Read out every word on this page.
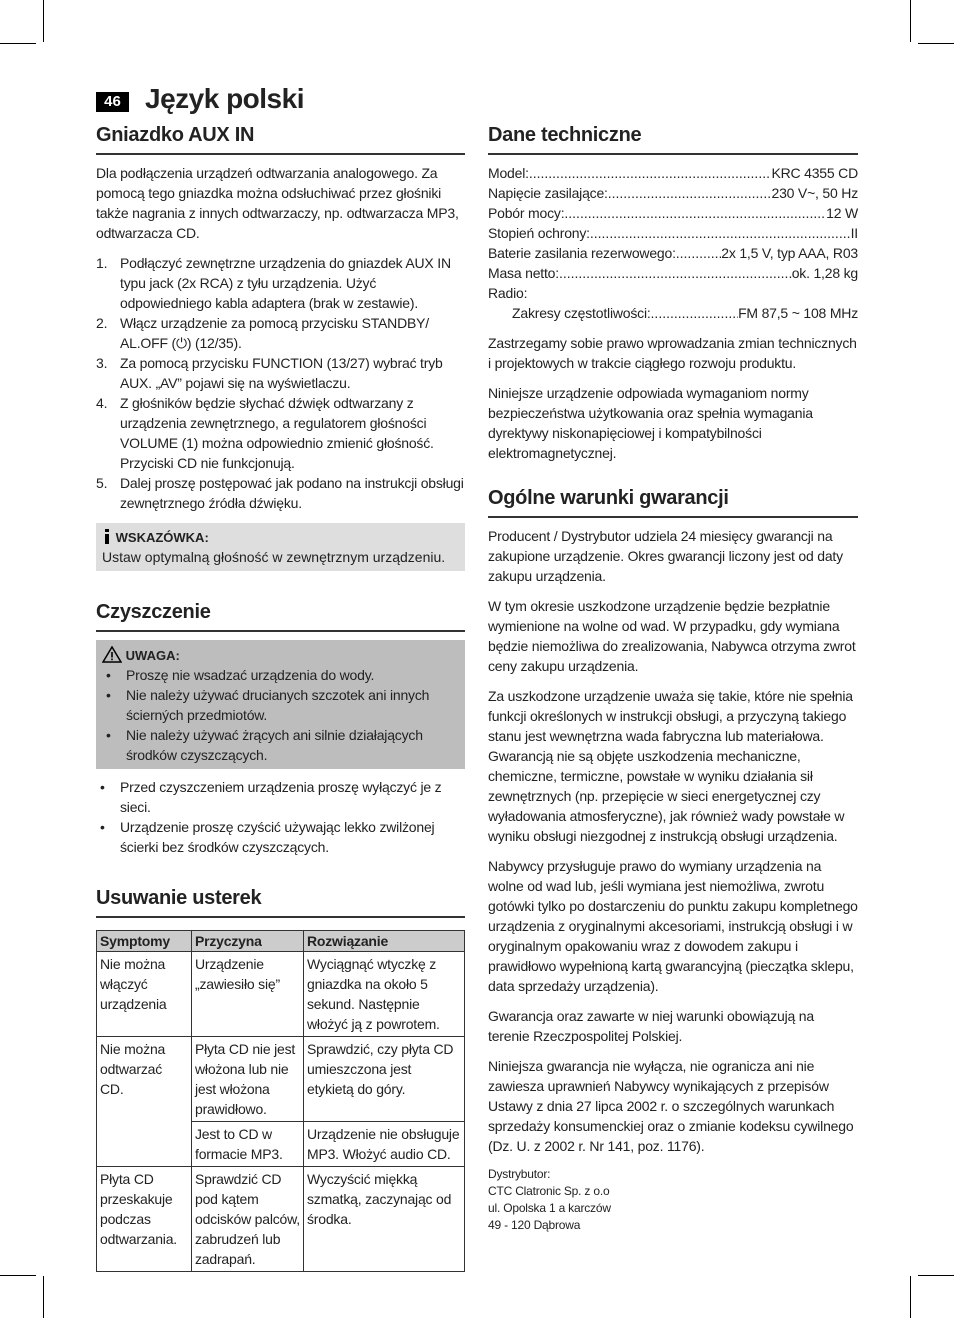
46 Język polski
Gniazdko AUX IN

Dla podłączenia urządzeń odtwarzania analogowego. Za pomocą tego gniazdka można odsłuchiwać przez głośniki także nagrania z innych odtwarzaczy, np. odtwarzacza MP3, odtwarzacza CD.

1. Podłączyć zewnętrzne urządzenia do gniazdek AUX IN typu jack (2x RCA) z tyłu urządzenia. Użyć odpowiedniego kabla adaptera (brak w zestawie).
2. Włącz urządzenie za pomocą przycisku STANDBY/ AL.OFF (⏻) (12/35).
3. Za pomocą przycisku FUNCTION (13/27) wybrać tryb AUX. „AV” pojawi się na wyświetlaczu.
4. Z głośników będzie słychać dźwięk odtwarzany z urządzenia zewnętrznego, a regulatorem głośności VOLUME (1) można odpowiednio zmienić głośność. Przyciski CD nie funkcjonują.
5. Dalej proszę postępować jak podano na instrukcji obsługi zewnętrznego źródła dźwięku.
WSKAZÓWKA:
Ustaw optymalną głośność w zewnętrznym urządzeniu.
Czyszczenie
UWAGA:
• Proszę nie wsadzać urządzenia do wody.
• Nie należy używać drucianych szczotek ani innych ścierných przedmiotów.
• Nie należy używać żrących ani silnie działających środków czyszczących.
• Przed czyszczeniem urządzenia proszę wyłączyć je z sieci.
• Urządzenie proszę czyścić używając lekko zwilżonej ścierki bez środków czyszczących.
Usuwanie usterek
Symptomy	Przyczyna	Rozwiązanie
Nie można włączyć urządzenia	Urządzenie „zawiesiło się”	Wyciągnąć wtyczkę z gniazdka na około 5 sekund. Następnie włożyć ją z powrotem.
Nie można odtwarzać CD.	Płyta CD nie jest włożona lub nie jest włożona prawidłowo.	Sprawdzić, czy płyta CD umieszczona jest etykietą do góry.
	Jest to CD w formacie MP3.	Urządzenie nie obsługuje MP3. Włożyć audio CD.
Płyta CD przeskakuje podczas odtwarzania.	Sprawdzić CD pod kątem odcisków palców, zabrudzeń lub zadrapań.	Wyczyścić miękką szmatką, zaczynając od środka.
Dane techniczne
Model: .....	KRC 4355 CD
Napięcie zasilające: .....	230 V~, 50 Hz
Pobór mocy: .....	12 W
Stopień ochrony: .....	II
Baterie zasilania rezerwowego: .....	2x 1,5 V, typ AAA, R03
Masa netto: .....	ok. 1,28 kg
Radio:
Zakresy częstotliwości: .....	FM 87,5 ~ 108 MHz

Zastrzegamy sobie prawo wprowadzania zmian technicznych i projektowych w trakcie ciągłego rozwoju produktu.

Niniejsze urządzenie odpowiada wymaganiom normy bezpieczeństwa użytkowania oraz spełnia wymagania dyrektywy niskonapięciowej i kompatybilności elektromagnetycznej.

Ogólne warunki gwarancji

Producent / Dystrybutor udziela 24 miesięcy gwarancji na zakupione urządzenie. Okres gwarancji liczony jest od daty zakupu urządzenia.

W tym okresie uszkodzone urządzenie będzie bezpłatnie wymienione na wolne od wad. W przypadku, gdy wymiana będzie niemożliwa do zrealizowania, Nabywca otrzyma zwrot ceny zakupu urządzenia.

Za uszkodzone urządzenie uważa się takie, które nie spełnia funkcji określonych w instrukcji obsługi, a przyczyną takiego stanu jest wewnętrzna wada fabryczna lub materiałowa. Gwarancją nie są objęte uszkodzenia mechaniczne, chemiczne, termiczne, powstałe w wyniku działania sił zewnętrznych (np. przepięcie w sieci energetycznej czy wyładowania atmosferyczne), jak również wady powstałe w wyniku obsługi niezgodnej z instrukcją obsługi urządzenia.

Nabywcy przysługuje prawo do wymiany urządzenia na wolne od wad lub, jeśli wymiana jest niemożliwa, zwrotu gotówki tylko po dostarczeniu do punktu zakupu kompletnego urządzenia z oryginalnymi akcesoriami, instrukcją obsługi i w oryginalnym opakowaniu wraz z dowodem zakupu i prawidłowo wypełnioną kartą gwarancyjną (pieczątka sklepu, data sprzedaży urządzenia).

Gwarancja oraz zawarte w niej warunki obowiązują na terenie Rzeczpospolitej Polskiej.

Niniejsza gwarancja nie wyłącza, nie ogranicza ani nie zawiesza uprawnień Nabywcy wynikających z przepisów Ustawy z dnia 27 lipca 2002 r. o szczególnych warunkach sprzedaży konsumenckiej oraz o zmianie kodeksu cywilnego (Dz. U. z 2002 r. Nr 141, poz. 1176).

Dystrybutor:

CTC Clatronic Sp. z o.o

ul. Opolska 1 a karczów

49 - 120 Dąbrowa
